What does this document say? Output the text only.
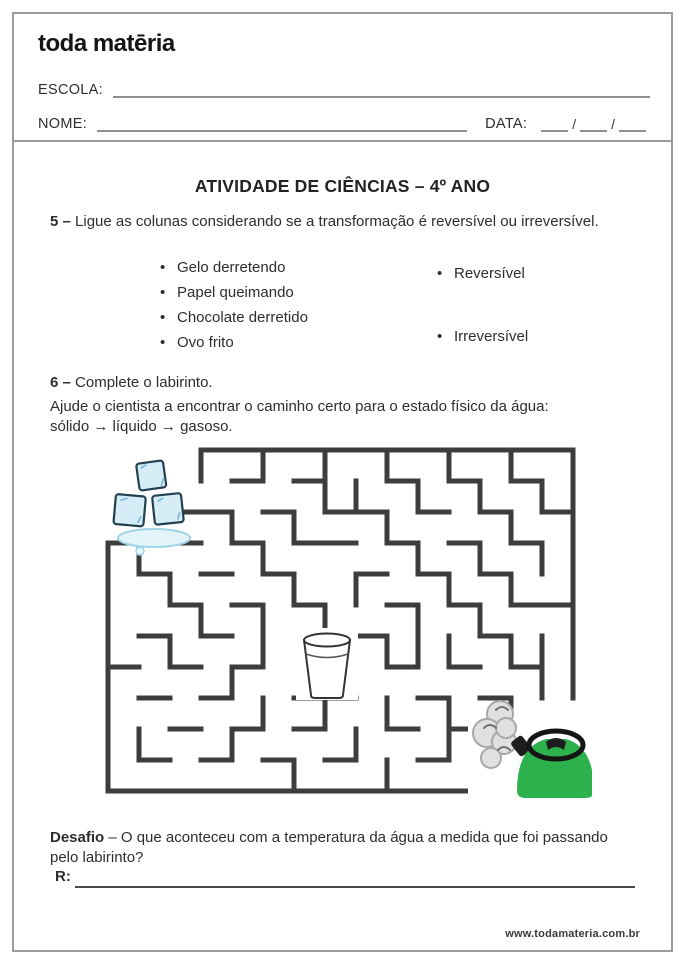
toda matēria
ESCOLA:
NOME:	DATA:	/	/
ATIVIDADE DE CIÊNCIAS – 4º ANO
5 – Ligue as colunas considerando se a transformação é reversível ou irreversível.
• Gelo derretendo
• Papel queimando
• Chocolate derretido
• Ovo frito
• Reversível
• Irreversível
6 – Complete o labirinto.
Ajude o cientista a encontrar o caminho certo para o estado físico da água:
sólido → líquido → gasoso.
Desafio – O que aconteceu com a temperatura da água a medida que foi passando pelo labirinto?
R:
www.todamateria.com.br
